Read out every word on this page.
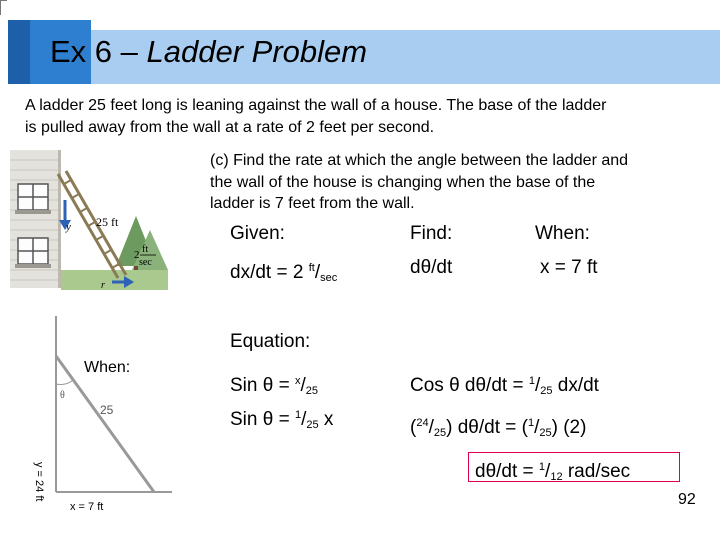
Ex 6 – Ladder Problem
A ladder 25 feet long is leaning against the wall of a house. The base of the ladder
is pulled away from the wall at a rate of 2 feet per second.
(c) Find the rate at which the angle between the ladder and
the wall of the house is changing when the base of the
ladder is 7 feet from the wall.
25 ft
y
2 ft
sec
r
When:
θ
25
y = 24 ft
x = 7 ft
Given:
dx/dt = 2 $^{ft}/_{sec}$
Find:
dθ/dt
When:
x = 7 ft
Equation:
Sin $\theta = ^x/_{25}$
Sin $\theta = ^1/_{25}$ x
Cos θ $d\theta/dt = ^1/_{25}$ dx/dt
$(^{24}/_{25}) d\theta/dt = (^1/_{25})$ (2)
$d\theta/dt = ^1/_{12}$ rad/sec
92
